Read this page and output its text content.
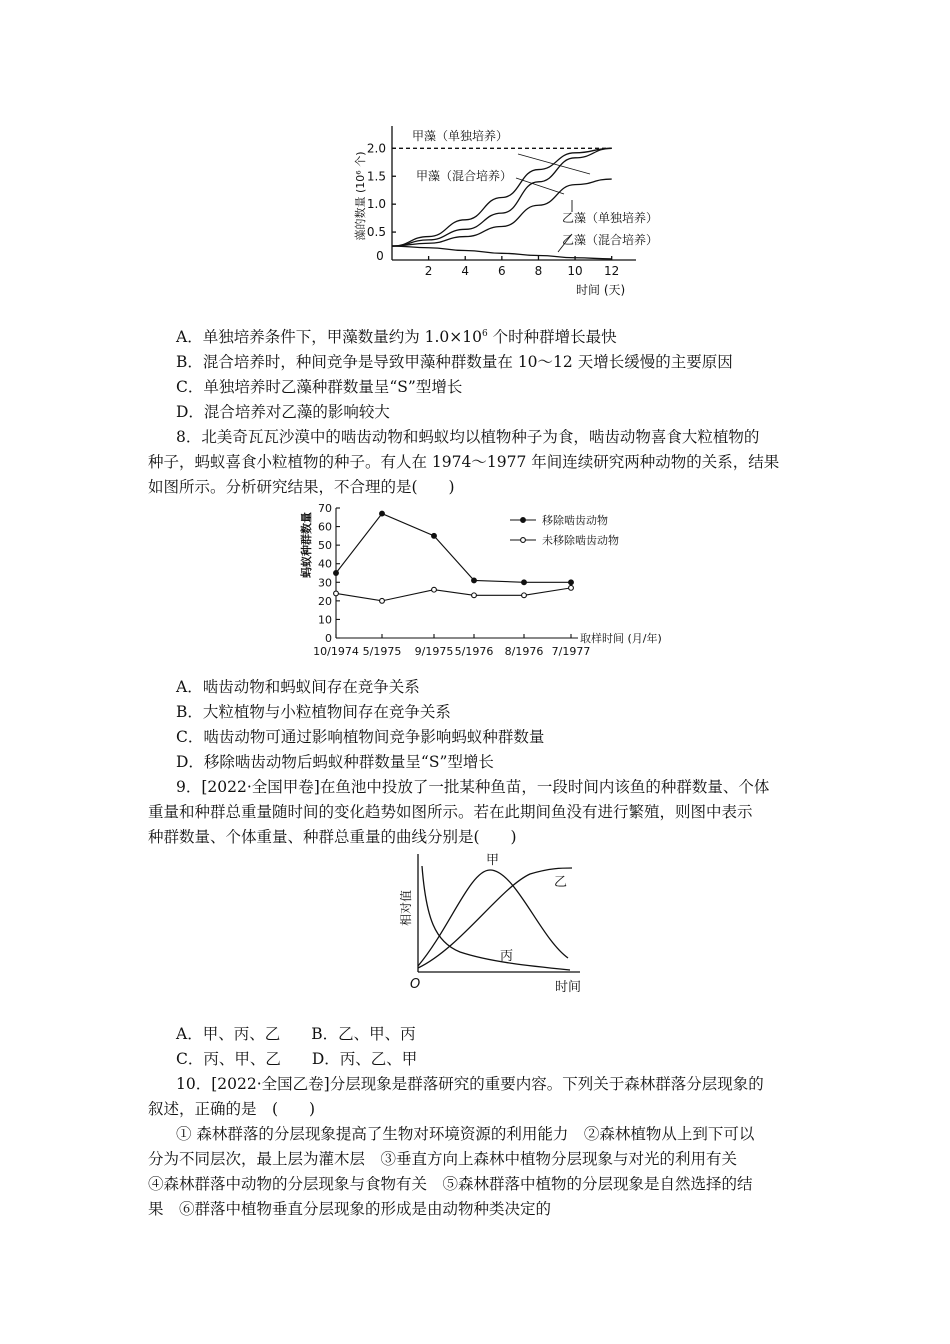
0
2 4 6 8 10 12
0.5
1.0
1.5
2.0
甲藻（单独培养）
甲藻（混合培养）
乙藻（单独培养）
乙藻（混合培养）
藻的数量 (10⁶ 个)
时间 (天)
A．单独培养条件下，甲藻数量约为 $1.0\times 10^6$ 个时种群增长最快
B．混合培养时，种间竞争是导致甲藻种群数量在 10～12 天增长缓慢的主要原因
C．单独培养时乙藻种群数量呈“S”型增长
D．混合培养对乙藻的影响较大
8．北美奇瓦瓦沙漠中的啮齿动物和蚂蚁均以植物种子为食，啮齿动物喜食大粒植物的
种子，蚂蚁喜食小粒植物的种子。有人在 1974～1977 年间连续研究两种动物的关系，结果
如图所示。分析研究结果，不合理的是(　　)
0
10
20
30
40
50
60
70
10/1974 5/1975 9/1975 5/1976 8/1976 7/1977
移除啮齿动物
未移除啮齿动物
蚂蚁种群数量
取样时间 (月/年)
A．啮齿动物和蚂蚁间存在竞争关系
B．大粒植物与小粒植物间存在竞争关系
C．啮齿动物可通过影响植物间竞争影响蚂蚁种群数量
D．移除啮齿动物后蚂蚁种群数量呈“S”型增长
9．[2022·全国甲卷]在鱼池中投放了一批某种鱼苗，一段时间内该鱼的种群数量、个体
重量和种群总重量随时间的变化趋势如图所示。若在此期间鱼没有进行繁殖，则图中表示
种群数量、个体重量、种群总重量的曲线分别是(　　)
相对值
甲
乙
丙
O	时间
A．甲、丙、乙　　B．乙、甲、丙
C．丙、甲、乙　　D．丙、乙、甲
10．[2022·全国乙卷]分层现象是群落研究的重要内容。下列关于森林群落分层现象的
叙述，正确的是　(　　)
① 森林群落的分层现象提高了生物对环境资源的利用能力　②森林植物从上到下可以
分为不同层次，最上层为灌木层　③垂直方向上森林中植物分层现象与对光的利用有关
④森林群落中动物的分层现象与食物有关　⑤森林群落中植物的分层现象是自然选择的结
果　⑥群落中植物垂直分层现象的形成是由动物种类决定的
